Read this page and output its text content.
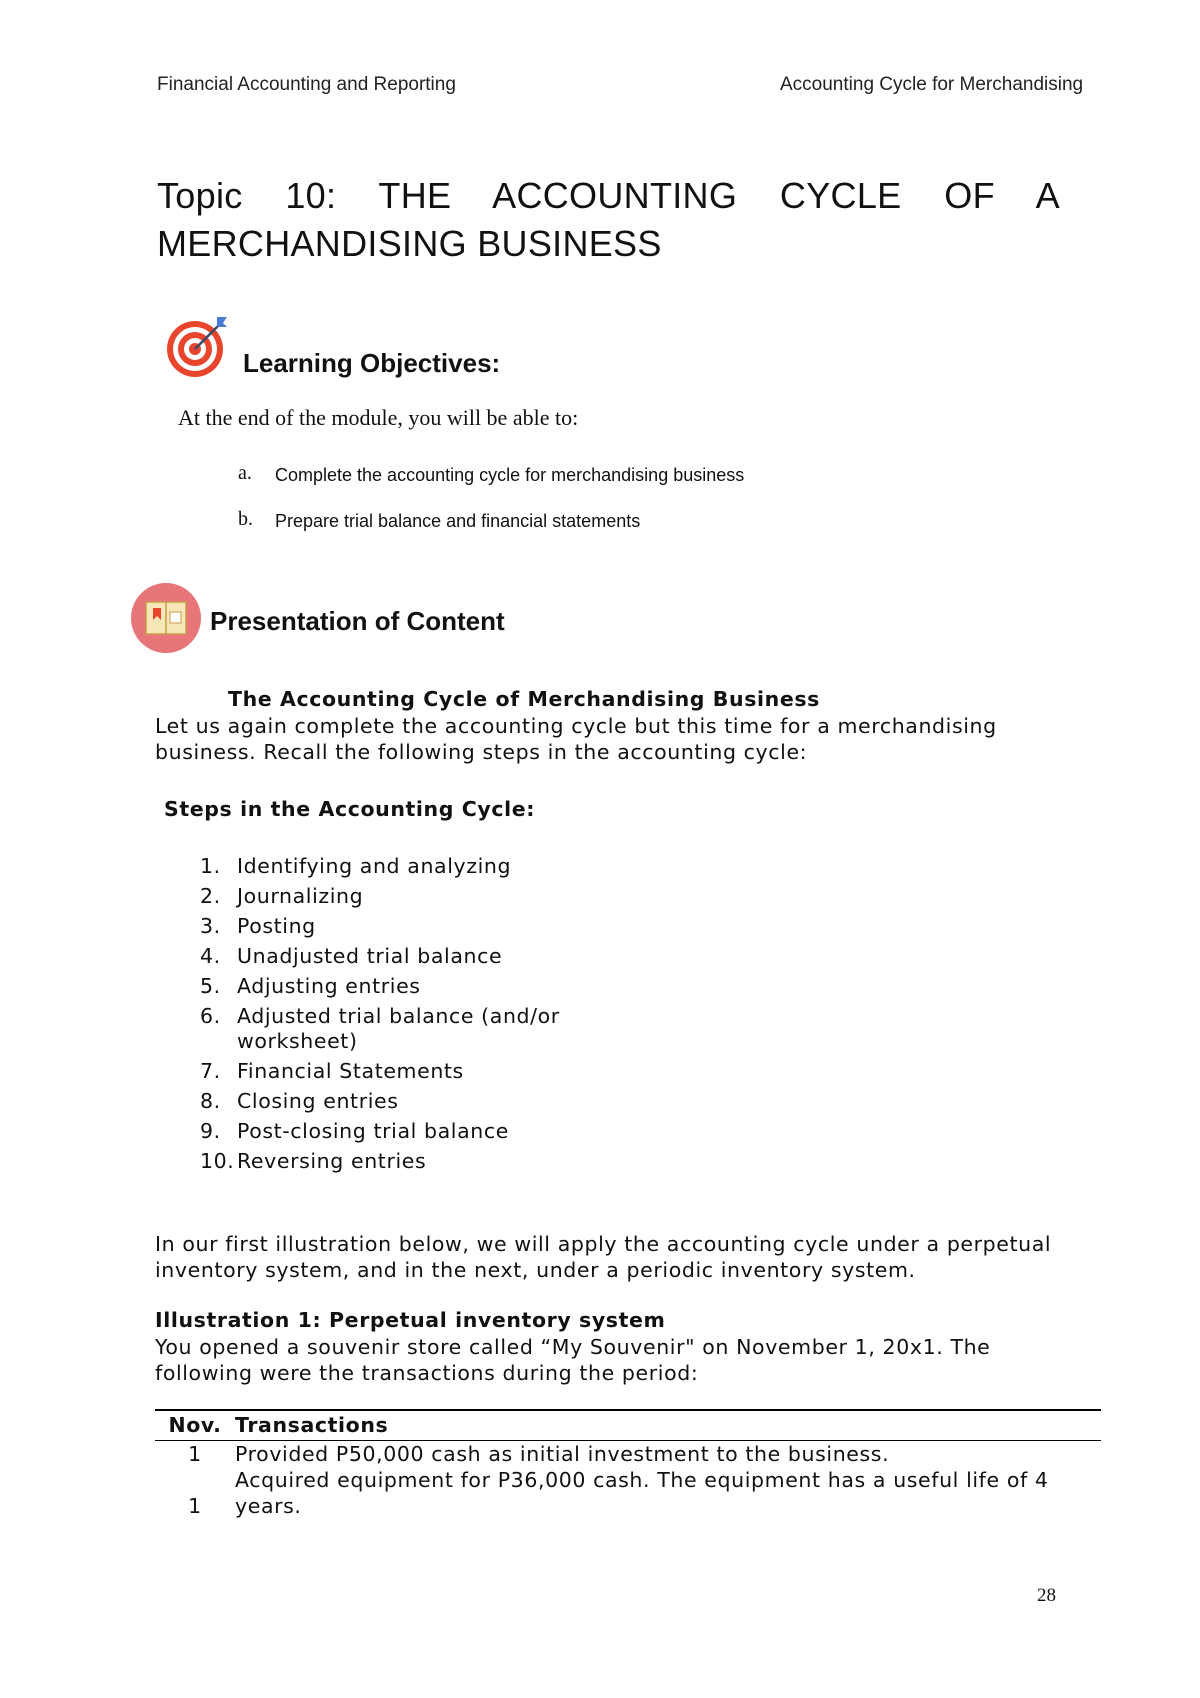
Financial Accounting and Reporting	Accounting Cycle for Merchandising
Topic 10: THE ACCOUNTING CYCLE OF A
MERCHANDISING BUSINESS
Learning Objectives:
At the end of the module, you will be able to:
a. Complete the accounting cycle for merchandising business
b. Prepare trial balance and financial statements
Presentation of Content
The Accounting Cycle of Merchandising Business
Let us again complete the accounting cycle but this time for a merchandising business. Recall the following steps in the accounting cycle:
Steps in the Accounting Cycle:
1. Identifying and analyzing
2. Journalizing
3. Posting
4. Unadjusted trial balance
5. Adjusting entries
6. Adjusted trial balance (and/or worksheet)
7. Financial Statements
8. Closing entries
9. Post-closing trial balance
10. Reversing entries
In our first illustration below, we will apply the accounting cycle under a perpetual inventory system, and in the next, under a periodic inventory system.
Illustration 1: Perpetual inventory system
You opened a souvenir store called “My Souvenir" on November 1, 20x1. The following were the transactions during the period:
Nov.	Transactions
1	Provided P50,000 cash as initial investment to the business.
1	Acquired equipment for P36,000 cash. The equipment has a useful life of 4 years.
28
